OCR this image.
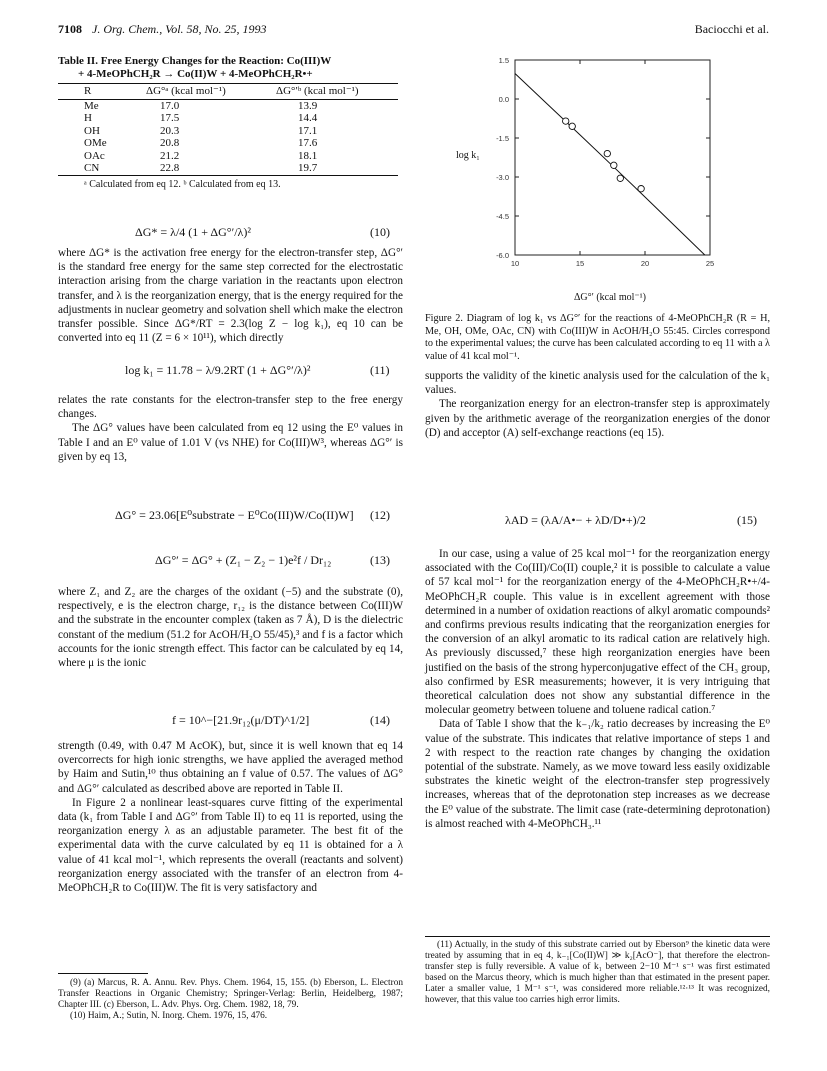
7108 J. Org. Chem., Vol. 58, No. 25, 1993	Baciocchi et al.
Table II. Free Energy Changes for the Reaction: Co(III)W
+ 4-MeOPhCH₂R → Co(II)W + 4-MeOPhCH₂R•+
R	ΔG°ᵃ (kcal mol⁻¹)	ΔG°′ᵇ (kcal mol⁻¹)
Me	17.0	13.9
H	17.5	14.4
OH	20.3	17.1
OMe	20.8	17.6
OAc	21.2	18.1
CN	22.8	19.7
ᵃ Calculated from eq 12. ᵇ Calculated from eq 13.
ΔG* = λ/4 (1 + ΔG°′/λ)²	(10)

where ΔG* is the activation free energy for the electron-transfer step, ΔG°′ is the standard free energy for the same step corrected for the electrostatic interaction arising from the charge variation in the reactants upon electron transfer, and λ is the reorganization energy, that is the energy required for the adjustments in nuclear geometry and solvation shell which make the electron transfer possible. Since ΔG*/RT = 2.3(log Z − log k₁), eq 10 can be converted into eq 11 (Z = 6 × 10¹¹), which directly

log k₁ = 11.78 − λ/9.2RT (1 + ΔG°′/λ)²	(11)

relates the rate constants for the electron-transfer step to the free energy changes.

The ΔG° values have been calculated from eq 12 using the E⁰ values in Table I and an E⁰ value of 1.01 V (vs NHE) for Co(III)W³, whereas ΔG°′ is given by eq 13,

ΔG° = 23.06[E⁰substrate − E⁰Co(III)W/Co(II)W] (12)
ΔG°′ = ΔG° + (Z₁ − Z₂ − 1)e²f / Dr₁₂	(13)

where Z₁ and Z₂ are the charges of the oxidant (−5) and the substrate (0), respectively, e is the electron charge, r₁₂ is the distance between Co(III)W and the substrate in the encounter complex (taken as 7 Å), D is the dielectric constant of the medium (51.2 for AcOH/H₂O 55/45),³ and f is a factor which accounts for the ionic strength effect. This factor can be calculated by eq 14, where μ is the ionic

f = 10^−[21.9r₁₂(μ/DT)^1/2]	(14)

strength (0.49, with 0.47 M AcOK), but, since it is well known that eq 14 overcorrects for high ionic strengths, we have applied the averaged method by Haim and Sutin,¹⁰ thus obtaining an f value of 0.57. The values of ΔG° and ΔG°′ calculated as described above are reported in Table II.

In Figure 2 a nonlinear least-squares curve fitting of the experimental data (k₁ from Table I and ΔG°′ from Table II) to eq 11 is reported, using the reorganization energy λ as an adjustable parameter. The best fit of the experimental data with the curve calculated by eq 11 is obtained for a λ value of 41 kcal mol⁻¹, which represents the overall (reactants and solvent) reorganization energy associated with the transfer of an electron from 4-MeOPhCH₂R to Co(III)W. The fit is very satisfactory and

(9) (a) Marcus, R. A. Annu. Rev. Phys. Chem. 1964, 15, 155. (b) Eberson, L. Electron Transfer Reactions in Organic Chemistry; Springer-Verlag: Berlin, Heidelberg, 1987; Chapter III. (c) Eberson, L. Adv. Phys. Org. Chem. 1982, 18, 79.
(10) Haim, A.; Sutin, N. Inorg. Chem. 1976, 15, 476.
1.5
0.0
-1.5
-3.0
-4.5
-6.0
10	15	20	25
log k₁
ΔG°′ (kcal mol⁻¹)
Figure 2. Diagram of log k₁ vs ΔG°′ for the reactions of 4-MeOPhCH₂R (R = H, Me, OH, OMe, OAc, CN) with Co(III)W in AcOH/H₂O 55:45. Circles correspond to the experimental values; the curve has been calculated according to eq 11 with a λ value of 41 kcal mol⁻¹.

supports the validity of the kinetic analysis used for the calculation of the k₁ values.

The reorganization energy for an electron-transfer step is approximately given by the arithmetic average of the reorganization energies of the donor (D) and acceptor (A) self-exchange reactions (eq 15).

λAD = (λA/A•− + λD/D•+)/2	(15)

In our case, using a value of 25 kcal mol⁻¹ for the reorganization energy associated with the Co(III)/Co(II) couple,² it is possible to calculate a value of 57 kcal mol⁻¹ for the reorganization energy of the 4-MeOPhCH₂R•+/4-MeOPhCH₂R couple. This value is in excellent agreement with those determined in a number of oxidation reactions of alkyl aromatic compounds² and confirms previous results indicating that the reorganization energies for the conversion of an alkyl aromatic to its radical cation are relatively high. As previously discussed,⁷ these high reorganization energies have been justified on the basis of the strong hyperconjugative effect of the CH₃ group, also confirmed by ESR measurements; however, it is very intriguing that theoretical calculation does not show any substantial difference in the molecular geometry between toluene and toluene radical cation.⁷

Data of Table I show that the k₋₁/k₂ ratio decreases by increasing the E⁰ value of the substrate. This indicates that relative importance of steps 1 and 2 with respect to the reaction rate changes by changing the oxidation potential of the substrate. Namely, as we move toward less easily oxidizable substrates the kinetic weight of the electron-transfer step progressively increases, whereas that of the deprotonation step increases as we decrease the E⁰ value of the substrate. The limit case (rate-determining deprotonation) is almost reached with 4-MeOPhCH₃.¹¹

(11) Actually, in the study of this substrate carried out by Eberson⁹ the kinetic data were treated by assuming that in eq 4, k₋₁[Co(II)W] ≫ k₂[AcO⁻], that therefore the electron-transfer step is fully reversible. A value of k₁ between 2−10 M⁻¹ s⁻¹ was first estimated based on the Marcus theory, which is much higher than that estimated in the present paper. Later a smaller value, 1 M⁻¹ s⁻¹, was considered more reliable.¹²·¹³ It was recognized, however, that this value too carries high error limits.
